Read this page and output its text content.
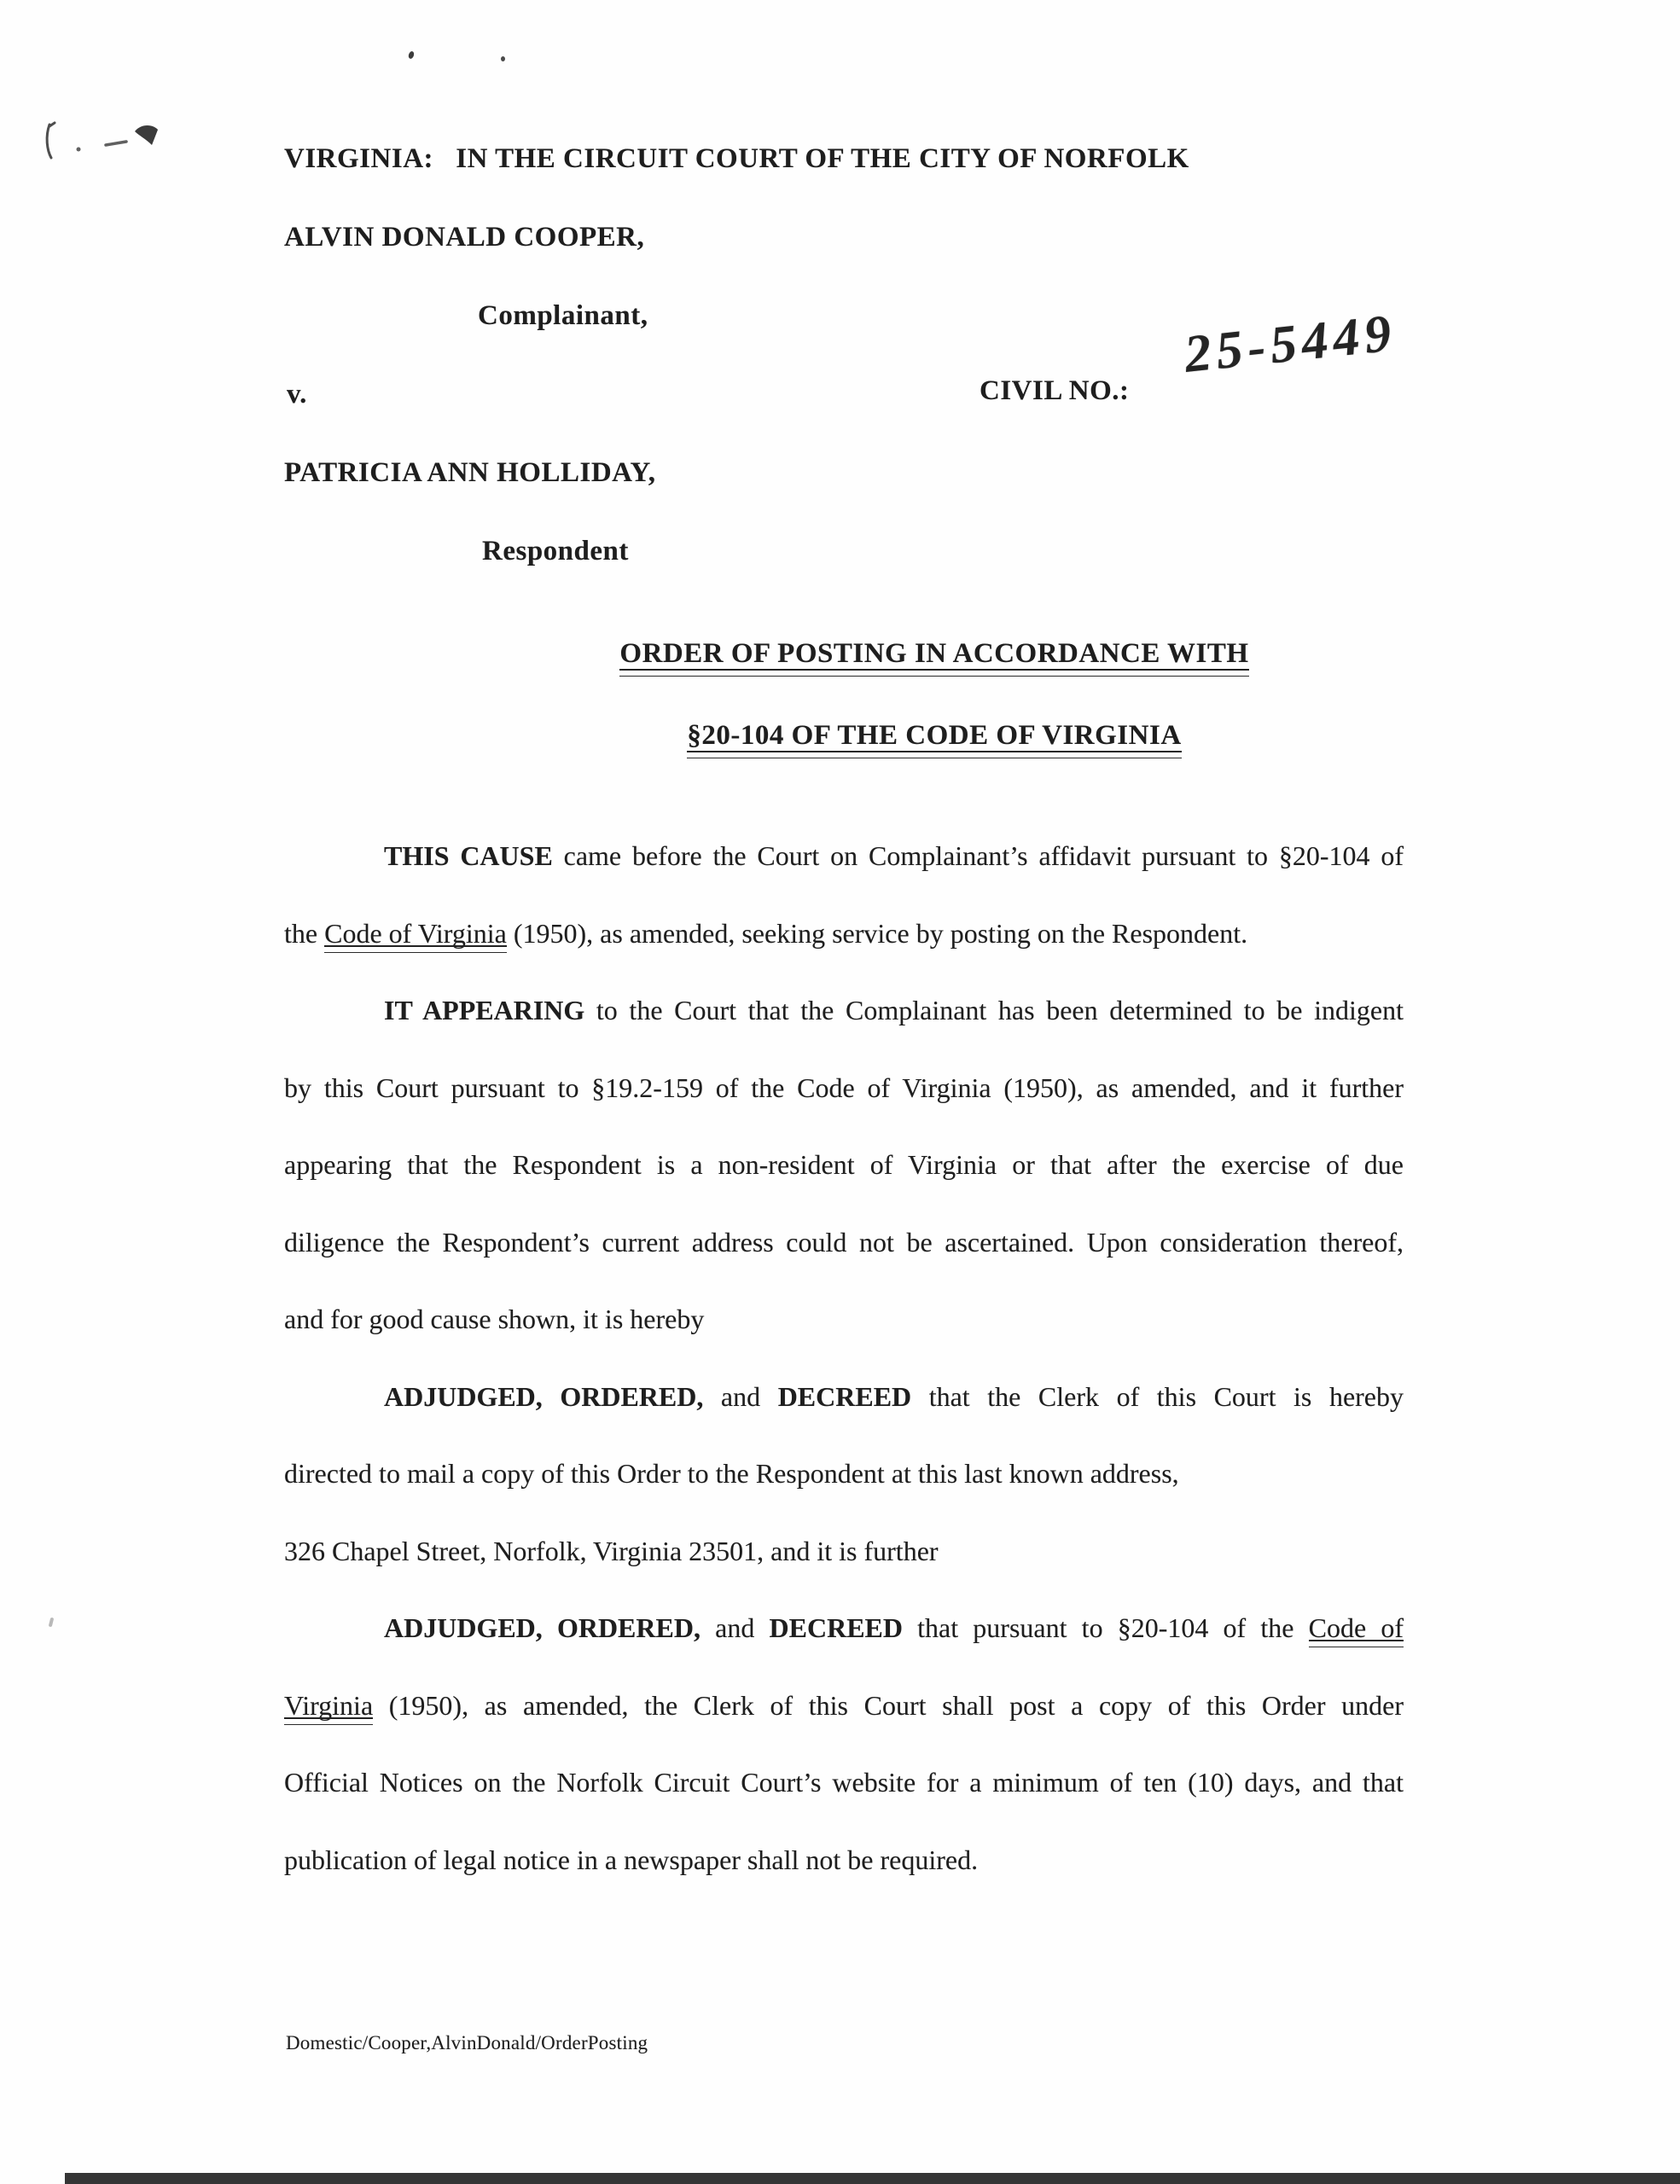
VIRGINIA:   IN THE CIRCUIT COURT OF THE CITY OF NORFOLK
ALVIN DONALD COOPER,
Complainant,
v.	CIVIL NO.:
25-5449
PATRICIA ANN HOLLIDAY,
Respondent
ORDER OF POSTING IN ACCORDANCE WITH
§20-104 OF THE CODE OF VIRGINIA
THIS CAUSE came before the Court on Complainant’s affidavit pursuant to §20-104 of
the Code of Virginia (1950), as amended, seeking service by posting on the Respondent.
IT APPEARING to the Court that the Complainant has been determined to be indigent
by this Court pursuant to §19.2-159 of the Code of Virginia (1950), as amended, and it further
appearing that the Respondent is a non-resident of Virginia or that after the exercise of due
diligence the Respondent’s current address could not be ascertained. Upon consideration thereof,
and for good cause shown, it is hereby
ADJUDGED, ORDERED, and DECREED that the Clerk of this Court is hereby
directed to mail a copy of this Order to the Respondent at this last known address,
326 Chapel Street, Norfolk, Virginia 23501, and it is further
ADJUDGED, ORDERED, and DECREED that pursuant to §20-104 of the Code of
Virginia (1950), as amended, the Clerk of this Court shall post a copy of this Order under
Official Notices on the Norfolk Circuit Court’s website for a minimum of ten (10) days, and that
publication of legal notice in a newspaper shall not be required.
Domestic/Cooper,AlvinDonald/OrderPosting
